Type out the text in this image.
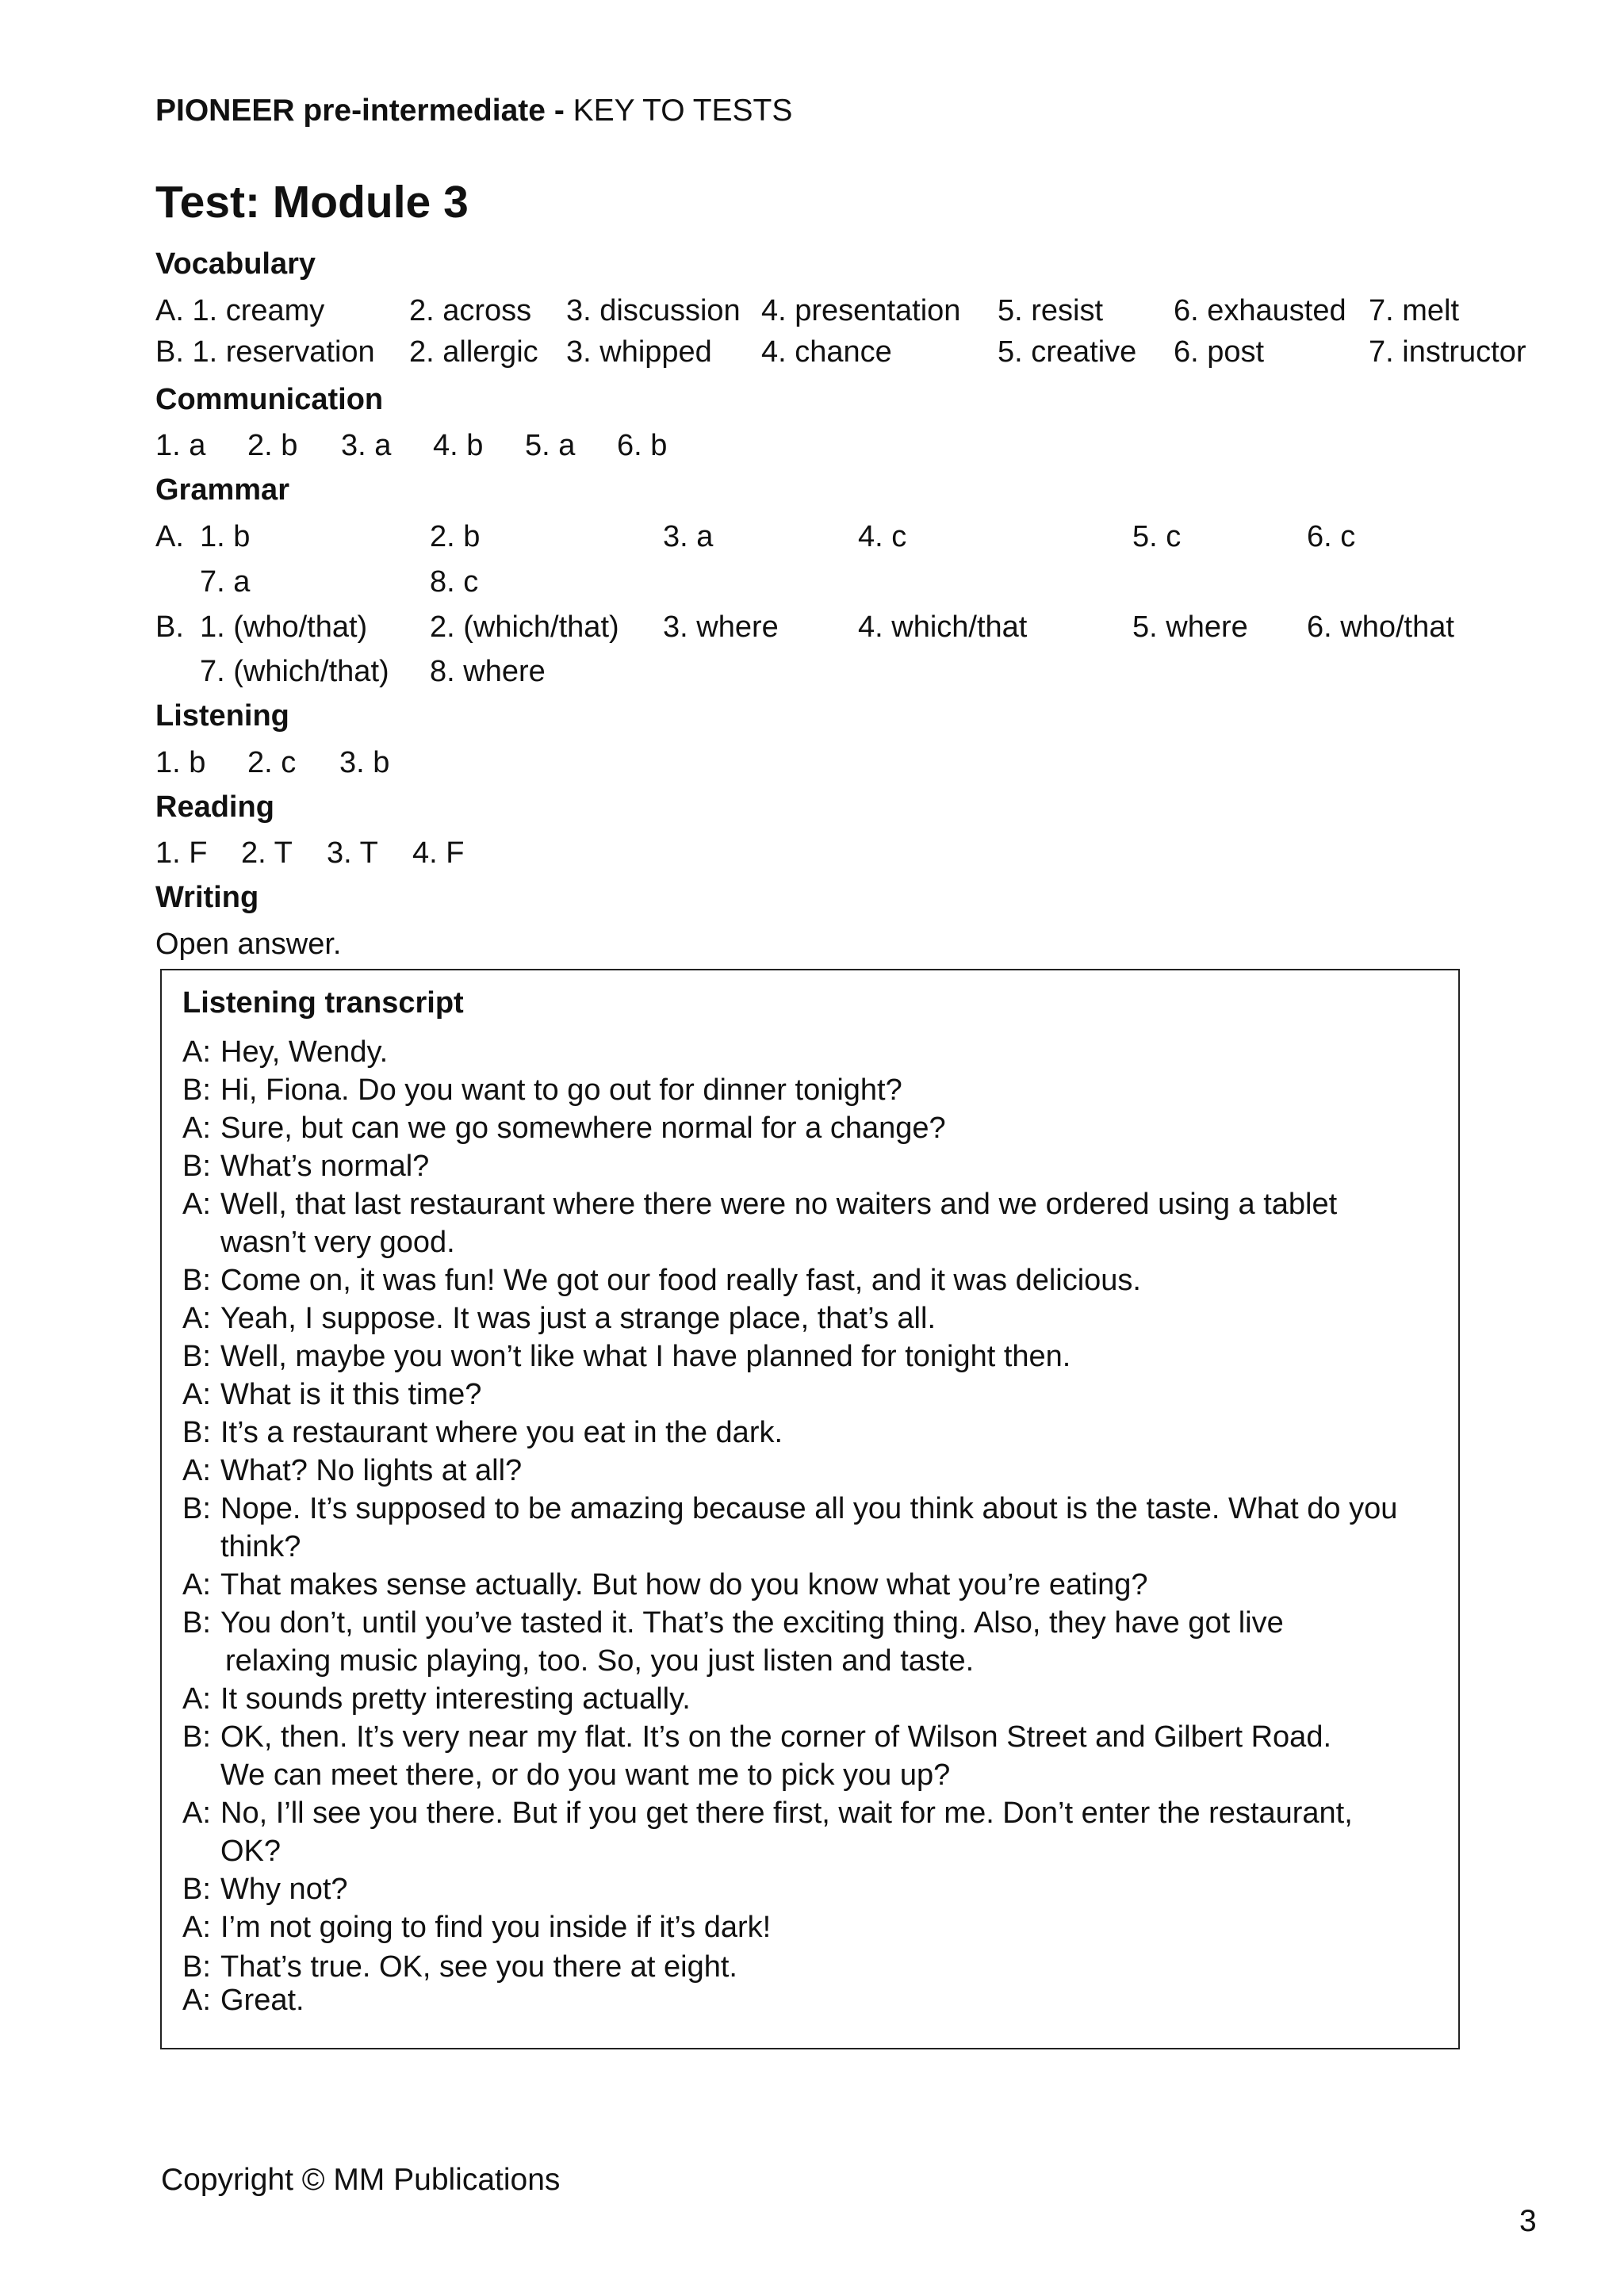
PIONEER pre-intermediate - KEY TO TESTS
Test: Module 3
Vocabulary
A. 1. creamy	2. across 3. discussion 4. presentation 5. resist 6. exhausted 7. melt
B. 1. reservation 2. allergic 3. whipped 4. chance	5. creative 6. post	7. instructor
Communication
1. a 2. b 3. a 4. b 5. a 6. b
Grammar
A. 1. b	2. b	3. a	4. c	5. c	6. c
7. a	8. c
B. 1. (who/that) 2. (which/that) 3. where	4. which/that	5. where 6. who/that
7. (which/that) 8. where
Listening
1. b 2. c 3. b
Reading
1. F 2. T 3. T 4. F
Writing
Open answer.
Listening transcript
A: Hey, Wendy.
B: Hi, Fiona. Do you want to go out for dinner tonight?
A: Sure, but can we go somewhere normal for a change?
B: What’s normal?
A: Well, that last restaurant where there were no waiters and we ordered using a tablet
wasn’t very good.
B: Come on, it was fun! We got our food really fast, and it was delicious.
A: Yeah, I suppose. It was just a strange place, that’s all.
B: Well, maybe you won’t like what I have planned for tonight then.
A: What is it this time?
B: It’s a restaurant where you eat in the dark.
A: What? No lights at all?
B: Nope. It’s supposed to be amazing because all you think about is the taste. What do you
think?
A: That makes sense actually. But how do you know what you’re eating?
B: You don’t, until you’ve tasted it. That’s the exciting thing. Also, they have got live
relaxing music playing, too. So, you just listen and taste.
A: It sounds pretty interesting actually.
B: OK, then. It’s very near my flat. It’s on the corner of Wilson Street and Gilbert Road.
We can meet there, or do you want me to pick you up?
A: No, I’ll see you there. But if you get there first, wait for me. Don’t enter the restaurant,
OK?
B: Why not?
A: I’m not going to find you inside if it’s dark!
B: That’s true. OK, see you there at eight.
A: Great.
Copyright © MM Publications
3
